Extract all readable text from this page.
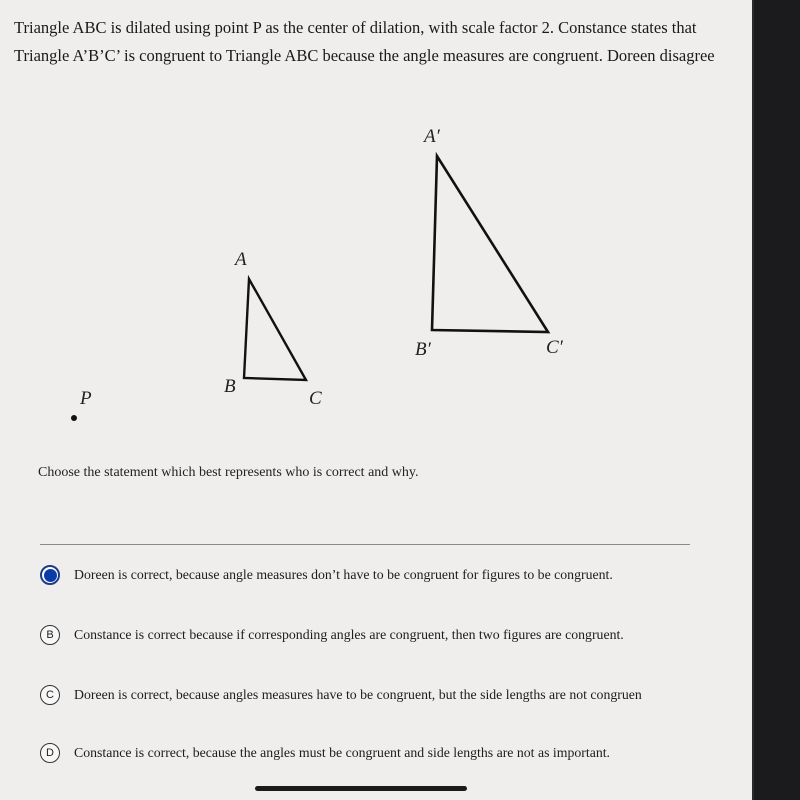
Triangle ABC is dilated using point P as the center of dilation, with scale factor 2. Constance states that
Triangle A’B’C’ is congruent to Triangle ABC because the angle measures are congruent. Doreen disagree
A
B
C
A′
B′	C′
P
Choose the statement which best represents who is correct and why.
Doreen is correct, because angle measures don’t have to be congruent for figures to be congruent.
B	Constance is correct because if corresponding angles are congruent, then two figures are congruent.
C	Doreen is correct, because angles measures have to be congruent, but the side lengths are not congruen
D	Constance is correct, because the angles must be congruent and side lengths are not as important.
